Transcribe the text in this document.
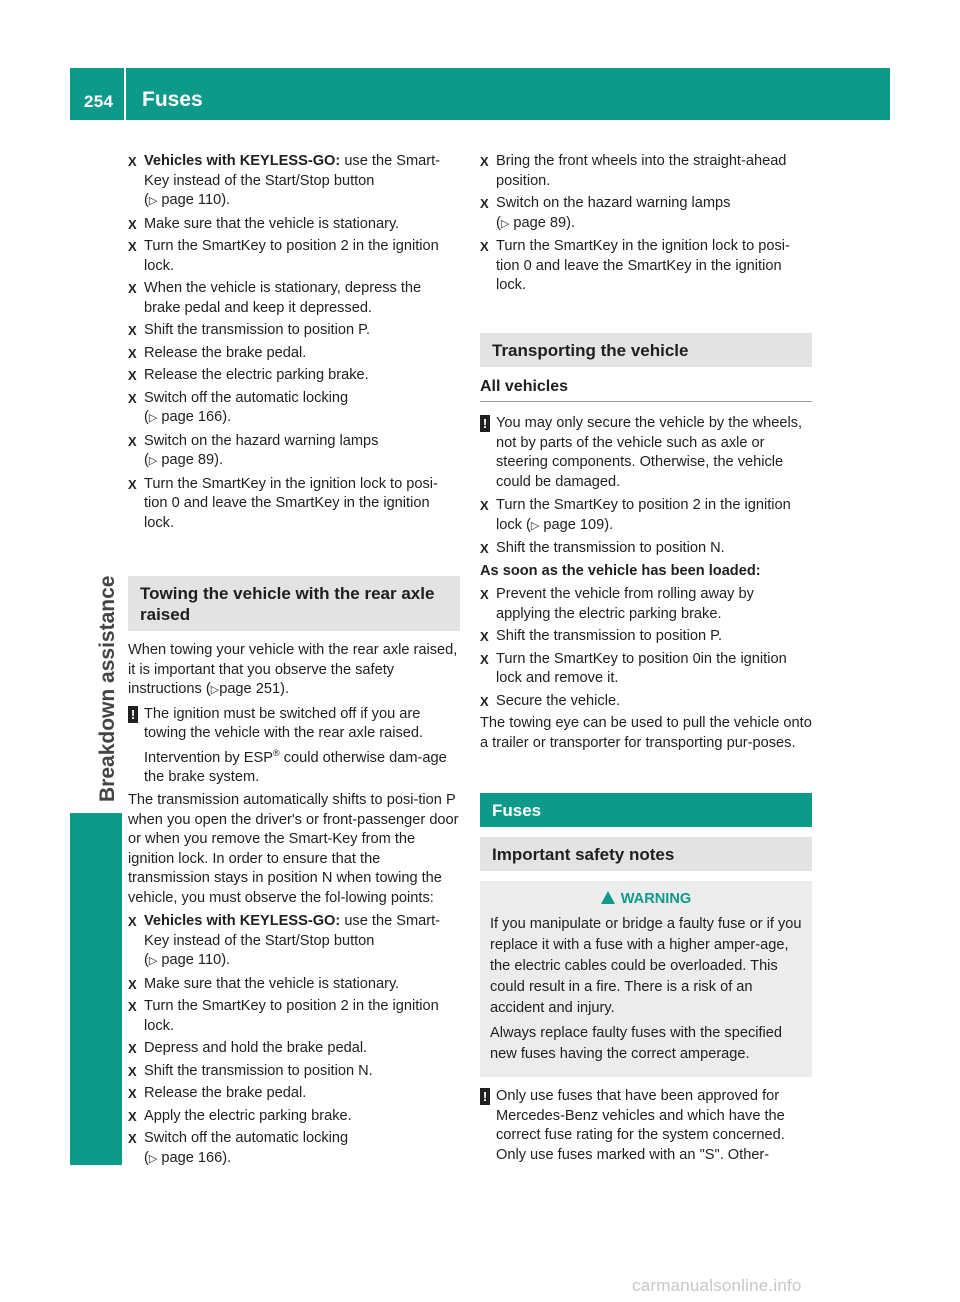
254 Fuses
Breakdown assistance
X Vehicles with KEYLESS-GO: use the Smart-Key instead of the Start/Stop button
(▷ page 110).
X Make sure that the vehicle is stationary.
X Turn the SmartKey to position 2 in the ignition lock.
X When the vehicle is stationary, depress the brake pedal and keep it depressed.
X Shift the transmission to position P.
X Release the brake pedal.
X Release the electric parking brake.
X Switch off the automatic locking
(▷ page 166).
X Switch on the hazard warning lamps
(▷ page 89).
X Turn the SmartKey in the ignition lock to posi-tion 0 and leave the SmartKey in the ignition lock.
Towing the vehicle with the rear axle raised
When towing your vehicle with the rear axle raised, it is important that you observe the safety instructions (▷page 251).
! The ignition must be switched off if you are towing the vehicle with the rear axle raised. Intervention by ESP® could otherwise dam-age the brake system.
The transmission automatically shifts to posi-tion P when you open the driver's or front-passenger door or when you remove the Smart-Key from the ignition lock. In order to ensure that the transmission stays in position N when towing the vehicle, you must observe the fol-lowing points:
X Vehicles with KEYLESS-GO: use the Smart-Key instead of the Start/Stop button
(▷ page 110).
X Make sure that the vehicle is stationary.
X Turn the SmartKey to position 2 in the ignition lock.
X Depress and hold the brake pedal.
X Shift the transmission to position N.
X Release the brake pedal.
X Apply the electric parking brake.
X Switch off the automatic locking
(▷ page 166).
X Bring the front wheels into the straight-ahead position.
X Switch on the hazard warning lamps
(▷ page 89).
X Turn the SmartKey in the ignition lock to posi-tion 0 and leave the SmartKey in the ignition lock.
Transporting the vehicle
All vehicles
! You may only secure the vehicle by the wheels, not by parts of the vehicle such as axle or steering components. Otherwise, the vehicle could be damaged.
X Turn the SmartKey to position 2 in the ignition lock (▷ page 109).
X Shift the transmission to position N.
As soon as the vehicle has been loaded:
X Prevent the vehicle from rolling away by applying the electric parking brake.
X Shift the transmission to position P.
X Turn the SmartKey to position 0in the ignition lock and remove it.
X Secure the vehicle.
The towing eye can be used to pull the vehicle onto a trailer or transporter for transporting pur-poses.
Fuses
Important safety notes
WARNING
If you manipulate or bridge a faulty fuse or if you replace it with a fuse with a higher amper-age, the electric cables could be overloaded. This could result in a fire. There is a risk of an accident and injury.
Always replace faulty fuses with the specified new fuses having the correct amperage.
! Only use fuses that have been approved for Mercedes-Benz vehicles and which have the correct fuse rating for the system concerned. Only use fuses marked with an "S". Other-
carmanualsonline.info
